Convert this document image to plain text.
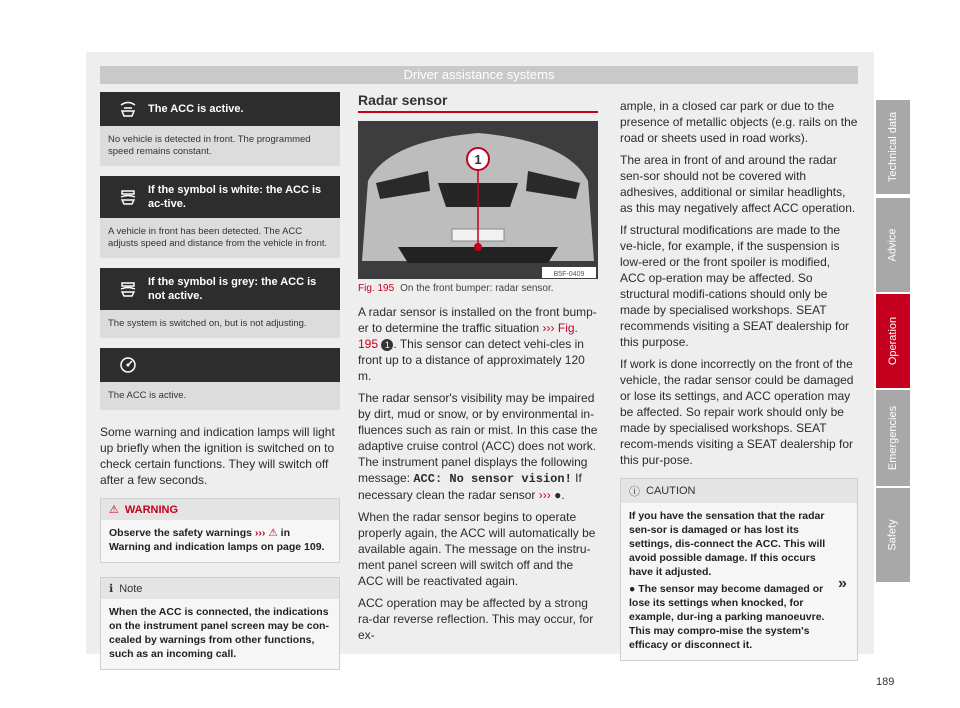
Driver assistance systems
The ACC is active.
No vehicle is detected in front. The programmed speed remains constant.
If the symbol is white: the ACC is ac-tive.
A vehicle in front has been detected. The ACC adjusts speed and distance from the vehicle in front.
If the symbol is grey: the ACC is not active.
The system is switched on, but is not adjusting.
The ACC is active.

Some warning and indication lamps will light up briefly when the ignition is switched on to check certain functions. They will switch off after a few seconds.

⚠ WARNING
Observe the safety warnings ››› ⚠ in Warning and indication lamps on page 109.
ℹ Note
When the ACC is connected, the indications on the instrument panel screen may be con-cealed by warnings from other functions, such as an incoming call.
Radar sensor
1
B5F-0409
Fig. 195 On the front bumper: radar sensor.

A radar sensor is installed on the front bump-er to determine the traffic situation ››› Fig. 195 1 . This sensor can detect vehi-cles in front up to a distance of approximately 120 m.

The radar sensor's visibility may be impaired by dirt, mud or snow, or by environmental in-fluences such as rain or mist. In this case the adaptive cruise control (ACC) does not work. The instrument panel displays the following message: ACC: No sensor vision! If necessary clean the radar sensor ››› ●.

When the radar sensor begins to operate properly again, the ACC will automatically be available again. The message on the instru-ment panel screen will switch off and the ACC will be reactivated again.

ACC operation may be affected by a strong ra-dar reverse reflection. This may occur, for ex-

ample, in a closed car park or due to the presence of metallic objects (e.g. rails on the road or sheets used in road works).

The area in front of and around the radar sen-sor should not be covered with adhesives, additional or similar headlights, as this may negatively affect ACC operation.

If structural modifications are made to the ve-hicle, for example, if the suspension is low-ered or the front spoiler is modified, ACC op-eration may be affected. So structural modifi-cations should only be made by specialised workshops. SEAT recommends visiting a SEAT dealership for this purpose.

If work is done incorrectly on the front of the vehicle, the radar sensor could be damaged or lose its settings, and ACC operation may be affected. So repair work should only be made by specialised workshops. SEAT recom-mends visiting a SEAT dealership for this pur-pose.

ⓘ CAUTION
If you have the sensation that the radar sen-sor is damaged or has lost its settings, dis-connect the ACC. This will avoid possible damage. If this occurs have it adjusted.
● The sensor may become damaged or lose its settings when knocked, for example, dur-ing a parking manoeuvre. This may compro-mise the system's efficacy or disconnect it.
»
Technical data
Advice
Operation
Emergencies
Safety
189
